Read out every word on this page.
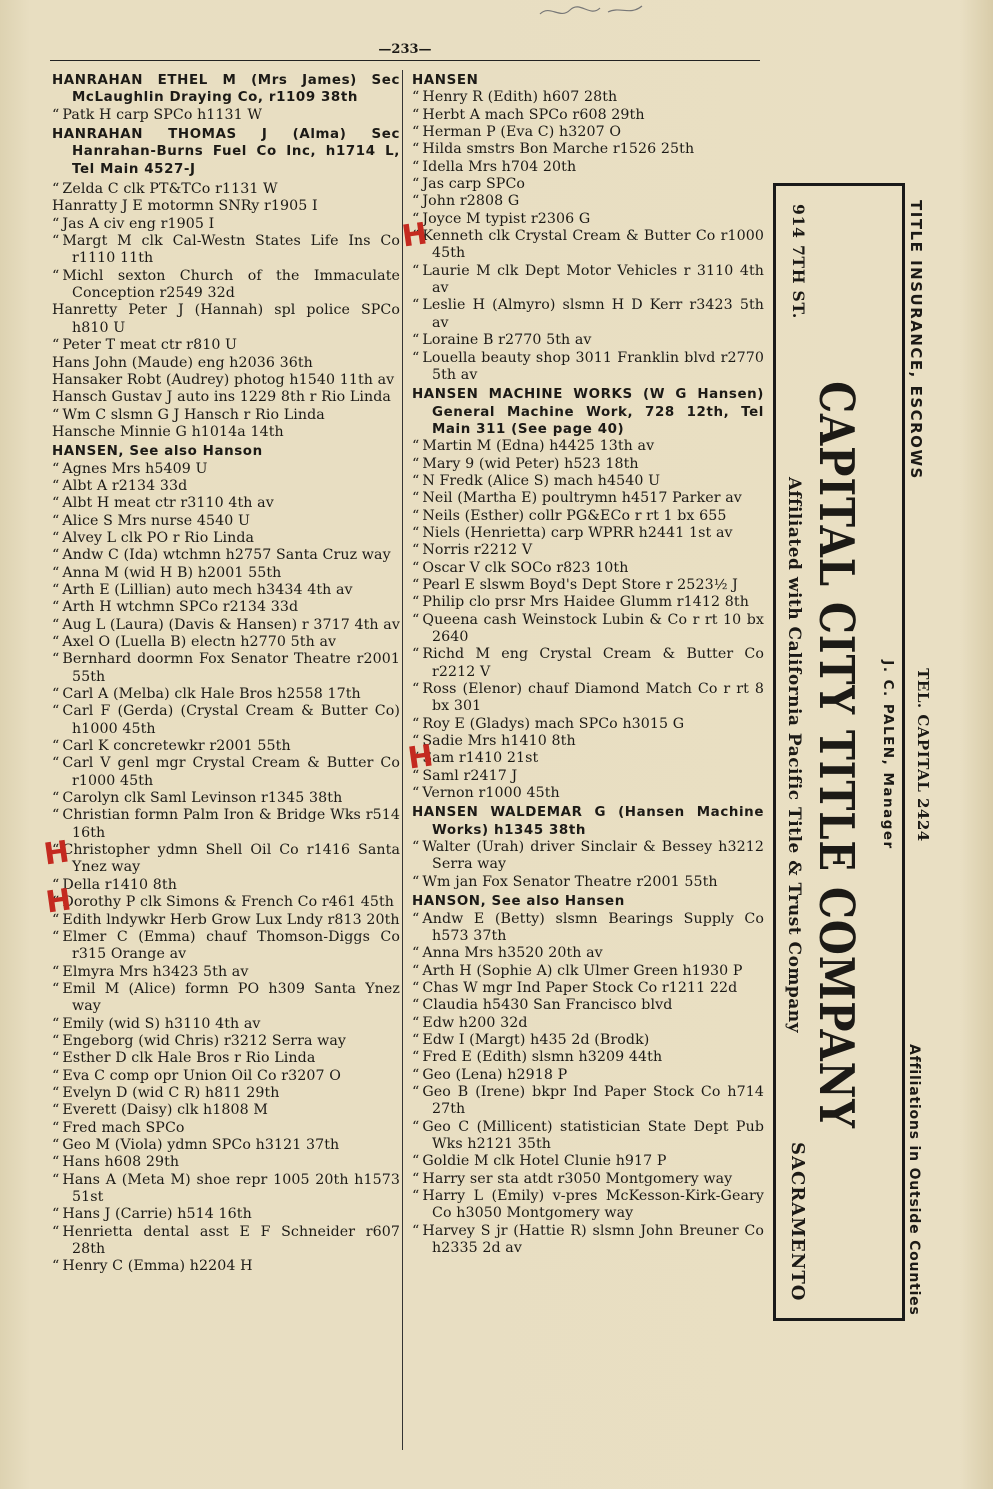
—233—
HANRAHAN ETHEL M (Mrs James) Sec McLaughlin Draying Co, r1109 38th
“ Patk H carp SPCo h1131 W
HANRAHAN THOMAS J (Alma) Sec Hanrahan-Burns Fuel Co Inc, h1714 L, Tel Main 4527-J
“ Zelda C clk PT&TCo r1131 W
Hanratty J E motormn SNRy r1905 I
“ Jas A civ eng r1905 I
“ Margt M clk Cal-Westn States Life Ins Co r1110 11th
“ Michl sexton Church of the Immaculate Conception r2549 32d
Hanretty Peter J (Hannah) spl police SPCo h810 U
“ Peter T meat ctr r810 U
Hans John (Maude) eng h2036 36th
Hansaker Robt (Audrey) photog h1540 11th av
Hansch Gustav J auto ins 1229 8th r Rio Linda
“ Wm C slsmn G J Hansch r Rio Linda
Hansche Minnie G h1014a 14th
HANSEN, See also Hanson
“ Agnes Mrs h5409 U
“ Albt A r2134 33d
“ Albt H meat ctr r3110 4th av
“ Alice S Mrs nurse 4540 U
“ Alvey L clk PO r Rio Linda
“ Andw C (Ida) wtchmn h2757 Santa Cruz way
“ Anna M (wid H B) h2001 55th
“ Arth E (Lillian) auto mech h3434 4th av
“ Arth H wtchmn SPCo r2134 33d
“ Aug L (Laura) (Davis & Hansen) r 3717 4th av
“ Axel O (Luella B) electn h2770 5th av
“ Bernhard doormn Fox Senator Theatre r2001 55th
“ Carl A (Melba) clk Hale Bros h2558 17th
“ Carl F (Gerda) (Crystal Cream & Butter Co) h1000 45th
“ Carl K concretewkr r2001 55th
“ Carl V genl mgr Crystal Cream & Butter Co r1000 45th
“ Carolyn clk Saml Levinson r1345 38th
“ Christian formn Palm Iron & Bridge Wks r514 16th
“ Christopher ydmn Shell Oil Co r1416 Santa Ynez way
“ Della r1410 8th
“ Dorothy P clk Simons & French Co r461 45th
“ Edith lndywkr Herb Grow Lux Lndy r813 20th
“ Elmer C (Emma) chauf Thomson-Diggs Co r315 Orange av
“ Elmyra Mrs h3423 5th av
“ Emil M (Alice) formn PO h309 Santa Ynez way
“ Emily (wid S) h3110 4th av
“ Engeborg (wid Chris) r3212 Serra way
“ Esther D clk Hale Bros r Rio Linda
“ Eva C comp opr Union Oil Co r3207 O
“ Evelyn D (wid C R) h811 29th
“ Everett (Daisy) clk h1808 M
“ Fred mach SPCo
“ Geo M (Viola) ydmn SPCo h3121 37th
“ Hans h608 29th
“ Hans A (Meta M) shoe repr 1005 20th h1573 51st
“ Hans J (Carrie) h514 16th
“ Henrietta dental asst E F Schneider r607 28th
“ Henry C (Emma) h2204 H
HANSEN
“ Henry R (Edith) h607 28th
“ Herbt A mach SPCo r608 29th
“ Herman P (Eva C) h3207 O
“ Hilda smstrs Bon Marche r1526 25th
“ Idella Mrs h704 20th
“ Jas carp SPCo
“ John r2808 G
“ Joyce M typist r2306 G
“ Kenneth clk Crystal Cream & Butter Co r1000 45th
“ Laurie M clk Dept Motor Vehicles r 3110 4th av
“ Leslie H (Almyro) slsmn H D Kerr r3423 5th av
“ Loraine B r2770 5th av
“ Louella beauty shop 3011 Franklin blvd r2770 5th av
HANSEN MACHINE WORKS (W G Hansen) General Machine Work, 728 12th, Tel Main 311 (See page 40)
“ Martin M (Edna) h4425 13th av
“ Mary 9 (wid Peter) h523 18th
“ N Fredk (Alice S) mach h4540 U
“ Neil (Martha E) poultrymn h4517 Parker av
“ Neils (Esther) collr PG&ECo r rt 1 bx 655
“ Niels (Henrietta) carp WPRR h2441 1st av
“ Norris r2212 V
“ Oscar V clk SOCo r823 10th
“ Pearl E slswm Boyd's Dept Store r 2523½ J
“ Philip clo prsr Mrs Haidee Glumm r1412 8th
“ Queena cash Weinstock Lubin & Co r rt 10 bx 2640
“ Richd M eng Crystal Cream & Butter Co r2212 V
“ Ross (Elenor) chauf Diamond Match Co r rt 8 bx 301
“ Roy E (Gladys) mach SPCo h3015 G
“ Sadie Mrs h1410 8th
“ Sam r1410 21st
“ Saml r2417 J
“ Vernon r1000 45th
HANSEN WALDEMAR G (Hansen Machine Works) h1345 38th
“ Walter (Urah) driver Sinclair & Bessey h3212 Serra way
“ Wm jan Fox Senator Theatre r2001 55th
HANSON, See also Hansen
“ Andw E (Betty) slsmn Bearings Supply Co h573 37th
“ Anna Mrs h3520 20th av
“ Arth H (Sophie A) clk Ulmer Green h1930 P
“ Chas W mgr Ind Paper Stock Co r1211 22d
“ Claudia h5430 San Francisco blvd
“ Edw h200 32d
“ Edw I (Margt) h435 2d (Brodk)
“ Fred E (Edith) slsmn h3209 44th
“ Geo (Lena) h2918 P
“ Geo B (Irene) bkpr Ind Paper Stock Co h714 27th
“ Geo C (Millicent) statistician State Dept Pub Wks h2121 35th
“ Goldie M clk Hotel Clunie h917 P
“ Harry ser sta atdt r3050 Montgomery way
“ Harry L (Emily) v-pres McKesson-Kirk-Geary Co h3050 Montgomery way
“ Harvey S jr (Hattie R) slsmn John Breuner Co h2335 2d av
TEL. CAPITAL 2424
J. C. PALEN, Manager
CAPITAL CITY TITLE COMPANY
Affiliated with California Pacific Title & Trust Company
TITLE INSURANCE, ESCROWS
Affiliations in Outside Counties
914 7TH ST.
SACRAMENTO
H
H
H
H
